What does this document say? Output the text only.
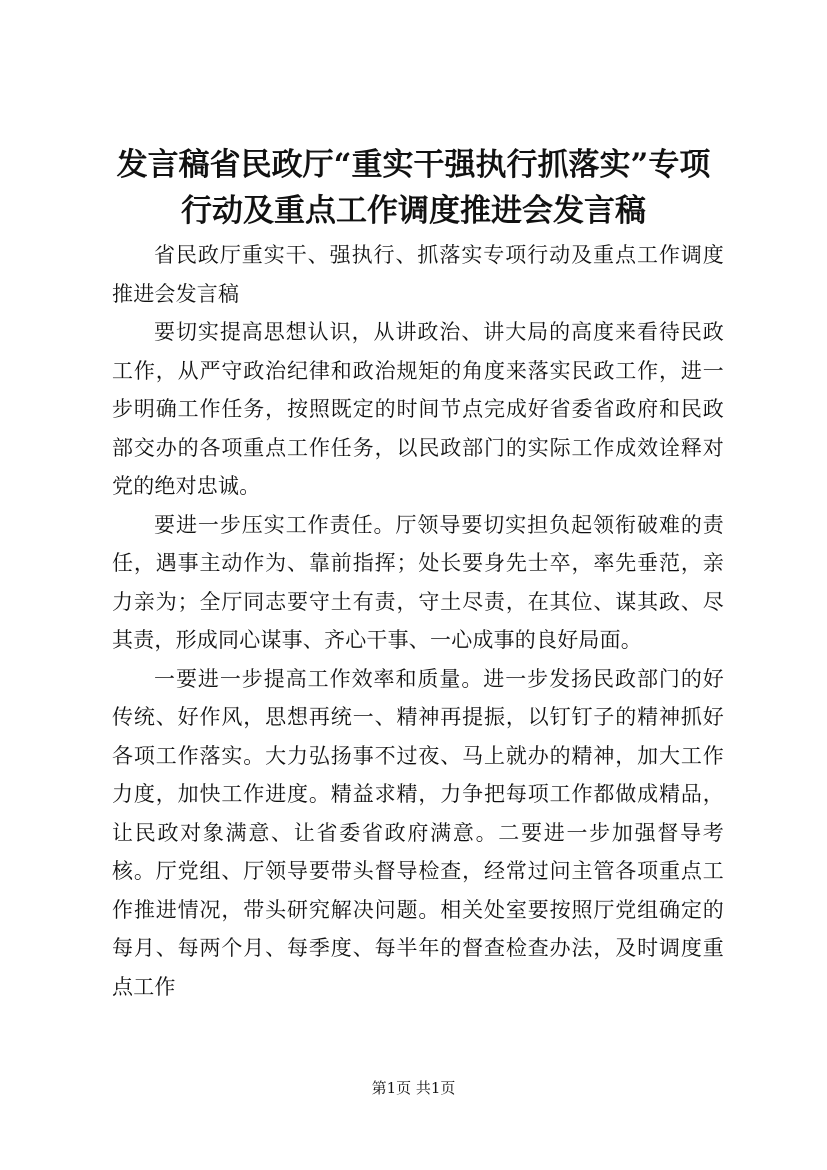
发言稿省民政厅“重实干强执行抓落实”专项
行动及重点工作调度推进会发言稿

省民政厅重实干、强执行、抓落实专项行动及重点工作调度推进会发言稿

要切实提高思想认识，从讲政治、讲大局的高度来看待民政工作，从严守政治纪律和政治规矩的角度来落实民政工作，进一步明确工作任务，按照既定的时间节点完成好省委省政府和民政部交办的各项重点工作任务，以民政部门的实际工作成效诠释对党的绝对忠诚。

要进一步压实工作责任。厅领导要切实担负起领衔破难的责任，遇事主动作为、靠前指挥；处长要身先士卒，率先垂范，亲力亲为；全厅同志要守土有责，守土尽责，在其位、谋其政、尽其责，形成同心谋事、齐心干事、一心成事的良好局面。

一要进一步提高工作效率和质量。进一步发扬民政部门的好传统、好作风，思想再统一、精神再提振，以钉钉子的精神抓好各项工作落实。大力弘扬事不过夜、马上就办的精神，加大工作力度，加快工作进度。精益求精，力争把每项工作都做成精品，让民政对象满意、让省委省政府满意。二要进一步加强督导考核。厅党组、厅领导要带头督导检查，经常过问主管各项重点工作推进情况，带头研究解决问题。相关处室要按照厅党组确定的每月、每两个月、每季度、每半年的督查检查办法，及时调度重点工作

第1页 共1页
